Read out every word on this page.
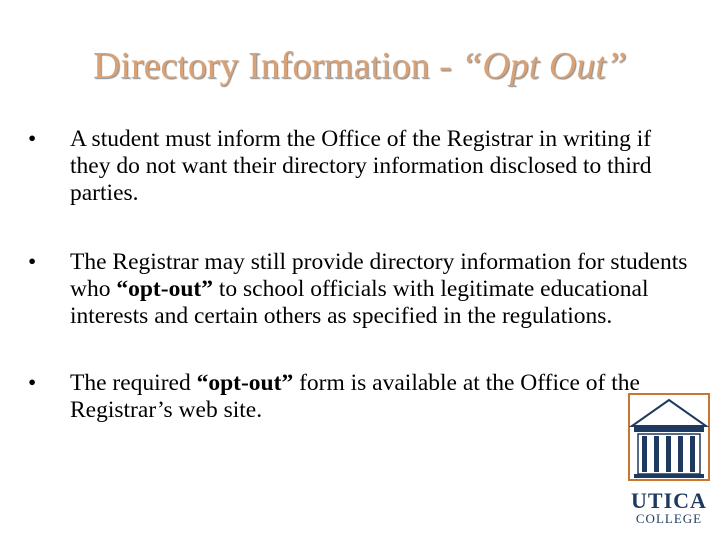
Directory Information - “Opt Out”
•	A student must inform the Office of the Registrar in writing if they do not want their directory information disclosed to third parties.
•	The Registrar may still provide directory information for students who “opt-out” to school officials with legitimate educational interests and certain others as specified in the regulations.
•	The required “opt-out” form is available at the Office of the Registrar’s web site.
UTICA
COLLEGE
